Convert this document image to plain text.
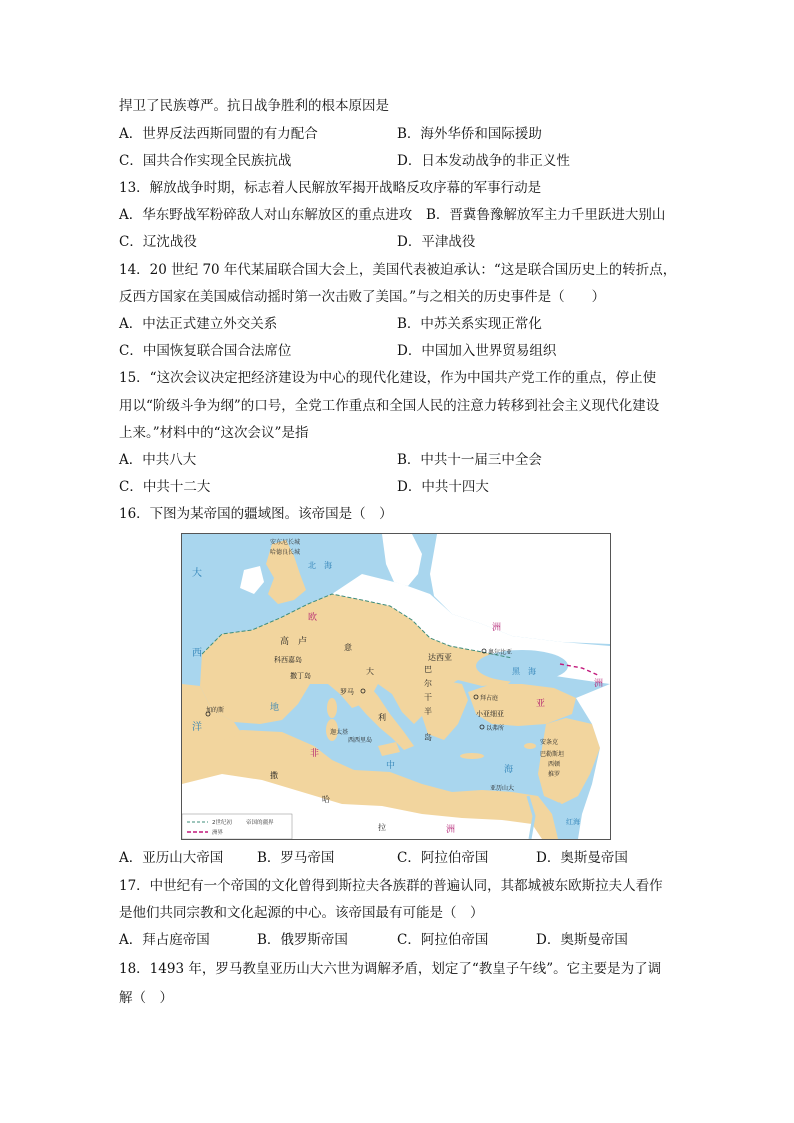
捍卫了民族尊严。抗日战争胜利的根本原因是
A．世界反法西斯同盟的有力配合	B．海外华侨和国际援助
C．国共合作实现全民族抗战	D．日本发动战争的非正义性
13．解放战争时期，标志着人民解放军揭开战略反攻序幕的军事行动是
A．华东野战军粉碎敌人对山东解放区的重点进攻 B．晋冀鲁豫解放军主力千里跃进大别山
C．辽沈战役	D．平津战役
14．20 世纪 70 年代某届联合国大会上，美国代表被迫承认：“这是联合国历史上的转折点，
反西方国家在美国威信动摇时第一次击败了美国。”与之相关的历史事件是（　　）
A．中法正式建立外交关系	B．中苏关系实现正常化
C．中国恢复联合国合法席位	D．中国加入世界贸易组织
15．“这次会议决定把经济建设为中心的现代化建设，作为中国共产党工作的重点，停止使
用以“阶级斗争为纲”的口号，全党工作重点和全国人民的注意力转移到社会主义现代化建设
上来。”材料中的“这次会议”是指
A．中共八大	B．中共十一届三中全会
C．中共十二大	D．中共十四大
16．下图为某帝国的疆域图。该帝国是（　）
安东尼长城
哈德良长城
大
西
洋
北　海
欧
洲
高　卢
达西亚
奥尔比亚
黑　海
意
大
利
科西嘉岛
撒丁岛
罗马
加的斯	地
迦太基
西西里岛
巴
尔
干
半
岛
拜占庭
小亚细亚
以弗所
亚
洲
安条克
巴勒斯坦
西顿
推罗
非
撒
哈
拉
中	海
亚历山大
洲
红海
2世纪初	帝国的疆界
洲界
A．亚历山大帝国	B．罗马帝国	C．阿拉伯帝国	D．奥斯曼帝国
17．中世纪有一个帝国的文化曾得到斯拉夫各族群的普遍认同，其都城被东欧斯拉夫人看作
是他们共同宗教和文化起源的中心。该帝国最有可能是（　）
A．拜占庭帝国	B．俄罗斯帝国	C．阿拉伯帝国	D．奥斯曼帝国
18．1493 年，罗马教皇亚历山大六世为调解矛盾，划定了“教皇子午线”。它主要是为了调
解（　）
